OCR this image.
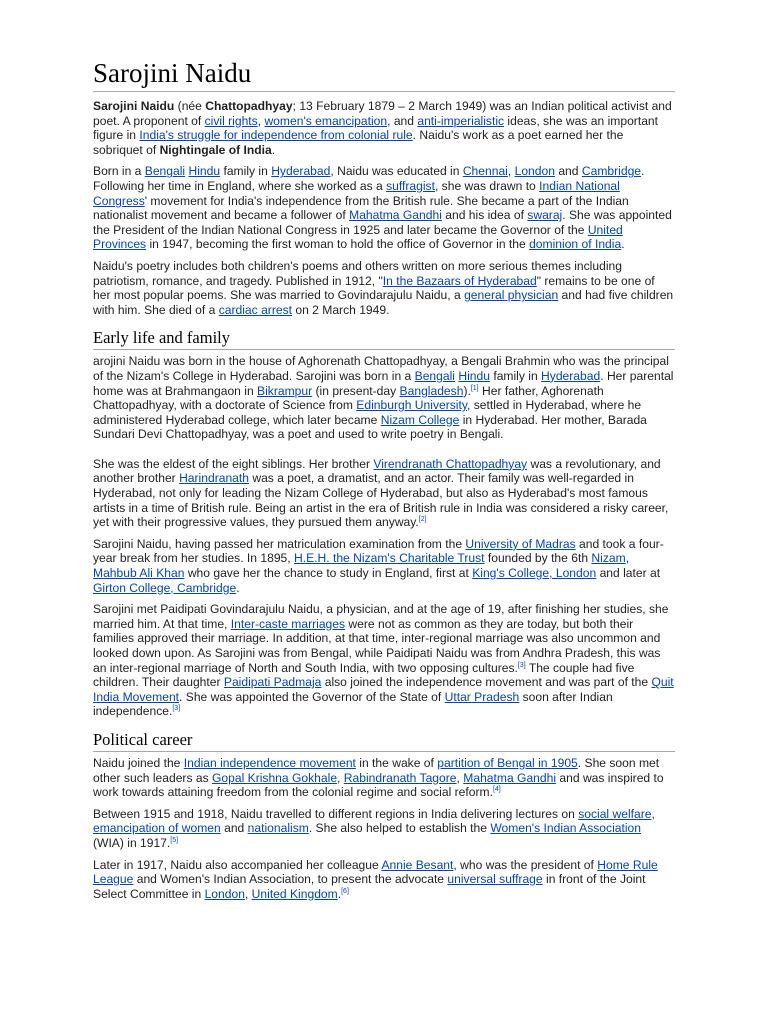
Sarojini Naidu

Sarojini Naidu (née Chattopadhyay; 13 February 1879 – 2 March 1949) was an Indian political activist and poet. A proponent of civil rights, women's emancipation, and anti-imperialistic ideas, she was an important figure in India's struggle for independence from colonial rule. Naidu's work as a poet earned her the sobriquet of Nightingale of India.

Born in a Bengali Hindu family in Hyderabad, Naidu was educated in Chennai, London and Cambridge. Following her time in England, where she worked as a suffragist, she was drawn to Indian National Congress' movement for India's independence from the British rule. She became a part of the Indian nationalist movement and became a follower of Mahatma Gandhi and his idea of swaraj. She was appointed the President of the Indian National Congress in 1925 and later became the Governor of the United Provinces in 1947, becoming the first woman to hold the office of Governor in the dominion of India.

Naidu's poetry includes both children's poems and others written on more serious themes including patriotism, romance, and tragedy. Published in 1912, "In the Bazaars of Hyderabad" remains to be one of her most popular poems. She was married to Govindarajulu Naidu, a general physician and had five children with him. She died of a cardiac arrest on 2 March 1949.

Early life and family

arojini Naidu was born in the house of Aghorenath Chattopadhyay, a Bengali Brahmin who was the principal of the Nizam's College in Hyderabad. Sarojini was born in a Bengali Hindu family in Hyderabad. Her parental home was at Brahmangaon in Bikrampur (in present-day Bangladesh).[1] Her father, Aghorenath Chattopadhyay, with a doctorate of Science from Edinburgh University, settled in Hyderabad, where he administered Hyderabad college, which later became Nizam College in Hyderabad. Her mother, Barada Sundari Devi Chattopadhyay, was a poet and used to write poetry in Bengali.

She was the eldest of the eight siblings. Her brother Virendranath Chattopadhyay was a revolutionary, and another brother Harindranath was a poet, a dramatist, and an actor. Their family was well-regarded in Hyderabad, not only for leading the Nizam College of Hyderabad, but also as Hyderabad's most famous artists in a time of British rule. Being an artist in the era of British rule in India was considered a risky career, yet with their progressive values, they pursued them anyway.[2]

Sarojini Naidu, having passed her matriculation examination from the University of Madras and took a four-year break from her studies. In 1895, H.E.H. the Nizam's Charitable Trust founded by the 6th Nizam, Mahbub Ali Khan who gave her the chance to study in England, first at King's College, London and later at Girton College, Cambridge.

Sarojini met Paidipati Govindarajulu Naidu, a physician, and at the age of 19, after finishing her studies, she married him. At that time, Inter-caste marriages were not as common as they are today, but both their families approved their marriage. In addition, at that time, inter-regional marriage was also uncommon and looked down upon. As Sarojini was from Bengal, while Paidipati Naidu was from Andhra Pradesh, this was an inter-regional marriage of North and South India, with two opposing cultures.[3] The couple had five children. Their daughter Paidipati Padmaja also joined the independence movement and was part of the Quit India Movement. She was appointed the Governor of the State of Uttar Pradesh soon after Indian independence.[3]

Political career

Naidu joined the Indian independence movement in the wake of partition of Bengal in 1905. She soon met other such leaders as Gopal Krishna Gokhale, Rabindranath Tagore, Mahatma Gandhi and was inspired to work towards attaining freedom from the colonial regime and social reform.[4]

Between 1915 and 1918, Naidu travelled to different regions in India delivering lectures on social welfare, emancipation of women and nationalism. She also helped to establish the Women's Indian Association (WIA) in 1917.[5]

Later in 1917, Naidu also accompanied her colleague Annie Besant, who was the president of Home Rule League and Women's Indian Association, to present the advocate universal suffrage in front of the Joint Select Committee in London, United Kingdom.[6]
